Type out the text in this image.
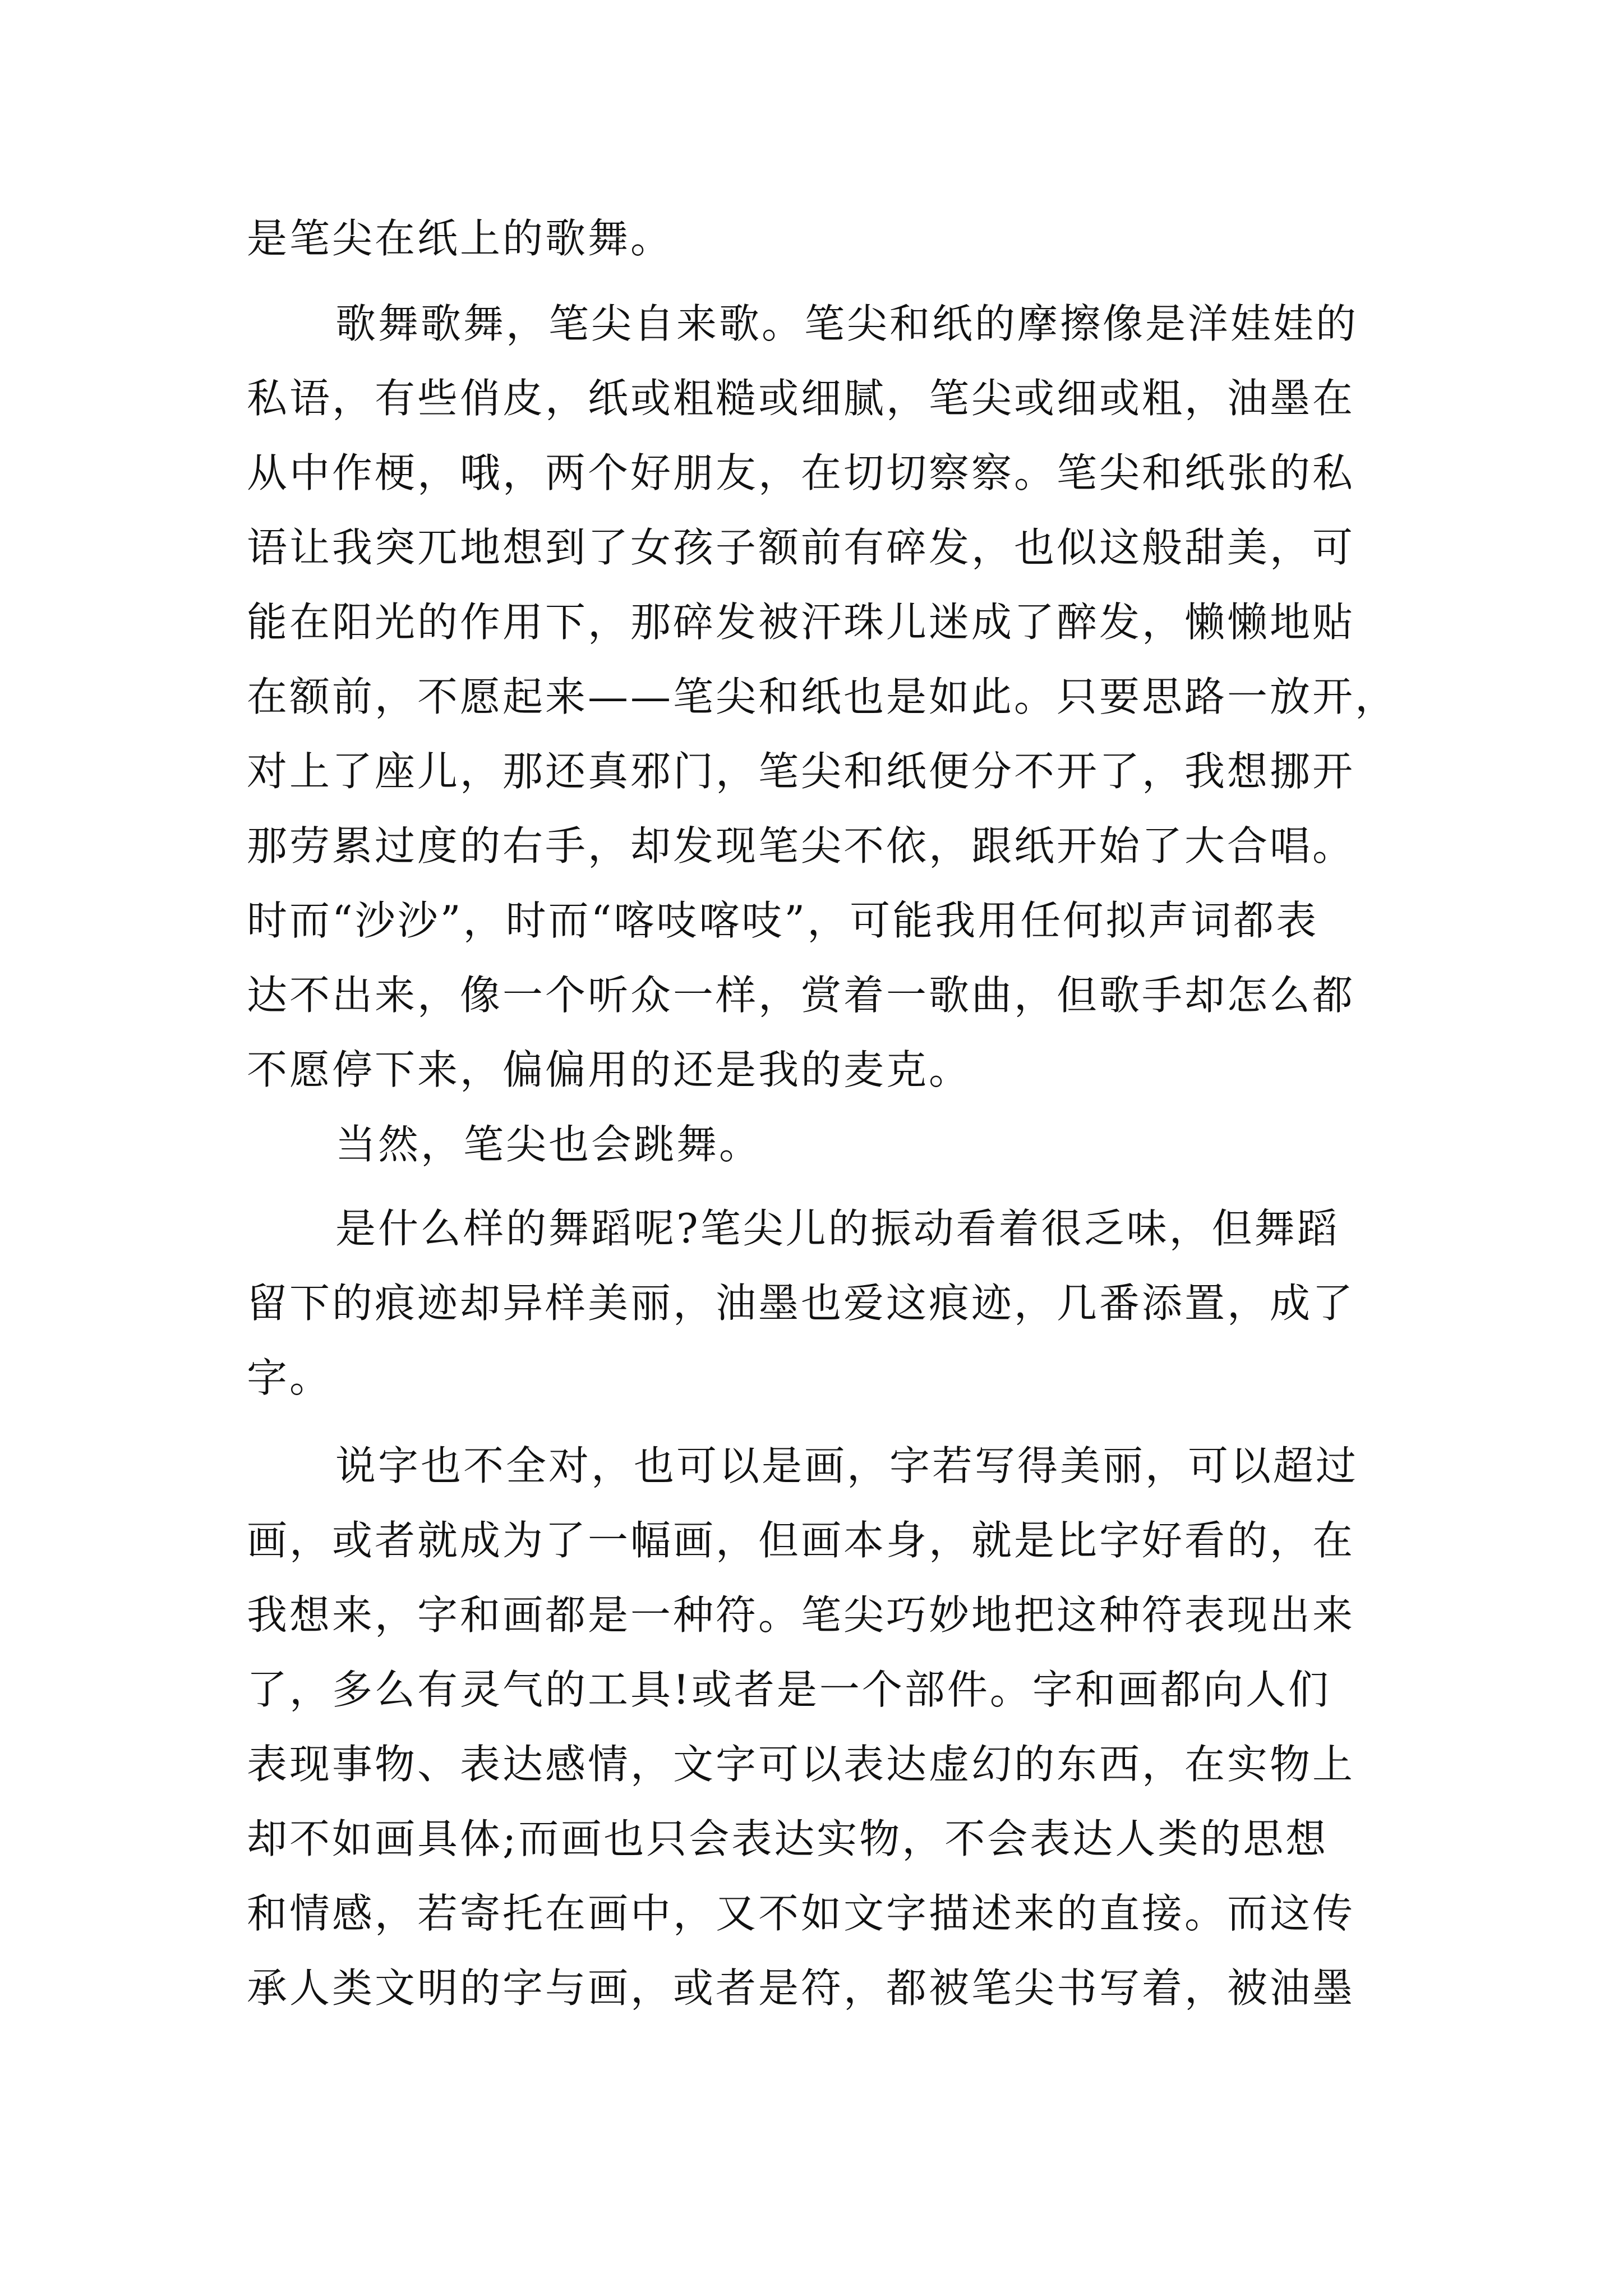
是笔尖在纸上的歌舞。
歌舞歌舞，笔尖自来歌。笔尖和纸的摩擦像是洋娃娃的
私语，有些俏皮，纸或粗糙或细腻，笔尖或细或粗，油墨在
从中作梗，哦，两个好朋友，在切切察察。笔尖和纸张的私
语让我突兀地想到了女孩子额前有碎发，也似这般甜美，可
能在阳光的作用下，那碎发被汗珠儿迷成了醉发，懒懒地贴
在额前，不愿起来——笔尖和纸也是如此。只要思路一放开，
对上了座儿，那还真邪门，笔尖和纸便分不开了，我想挪开
那劳累过度的右手，却发现笔尖不依，跟纸开始了大合唱。
时而“沙沙”，时而“喀吱喀吱”，可能我用任何拟声词都表
达不出来，像一个听众一样，赏着一歌曲，但歌手却怎么都
不愿停下来，偏偏用的还是我的麦克。
当然，笔尖也会跳舞。
是什么样的舞蹈呢?笔尖儿的振动看着很乏味，但舞蹈
留下的痕迹却异样美丽，油墨也爱这痕迹，几番添置，成了
字。
说字也不全对，也可以是画，字若写得美丽，可以超过
画，或者就成为了一幅画，但画本身，就是比字好看的，在
我想来，字和画都是一种符。笔尖巧妙地把这种符表现出来
了，多么有灵气的工具!或者是一个部件。字和画都向人们
表现事物、表达感情，文字可以表达虚幻的东西，在实物上
却不如画具体;而画也只会表达实物，不会表达人类的思想
和情感，若寄托在画中，又不如文字描述来的直接。而这传
承人类文明的字与画，或者是符，都被笔尖书写着，被油墨
